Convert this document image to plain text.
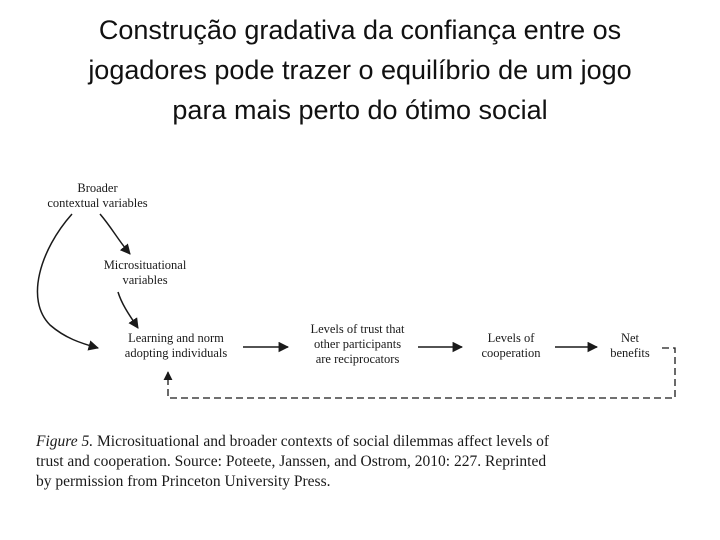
Construção gradativa da confiança entre os
jogadores pode trazer o equilíbrio de um jogo
para mais perto do ótimo social
Broader
contextual variables
Microsituational
variables
Learning and norm
adopting individuals
Levels of trust that
other participants
are reciprocators
Levels of
cooperation
Net
benefits
Figure 5. Microsituational and broader contexts of social dilemmas affect levels of
trust and cooperation. Source: Poteete, Janssen, and Ostrom, 2010: 227. Reprinted
by permission from Princeton University Press.
